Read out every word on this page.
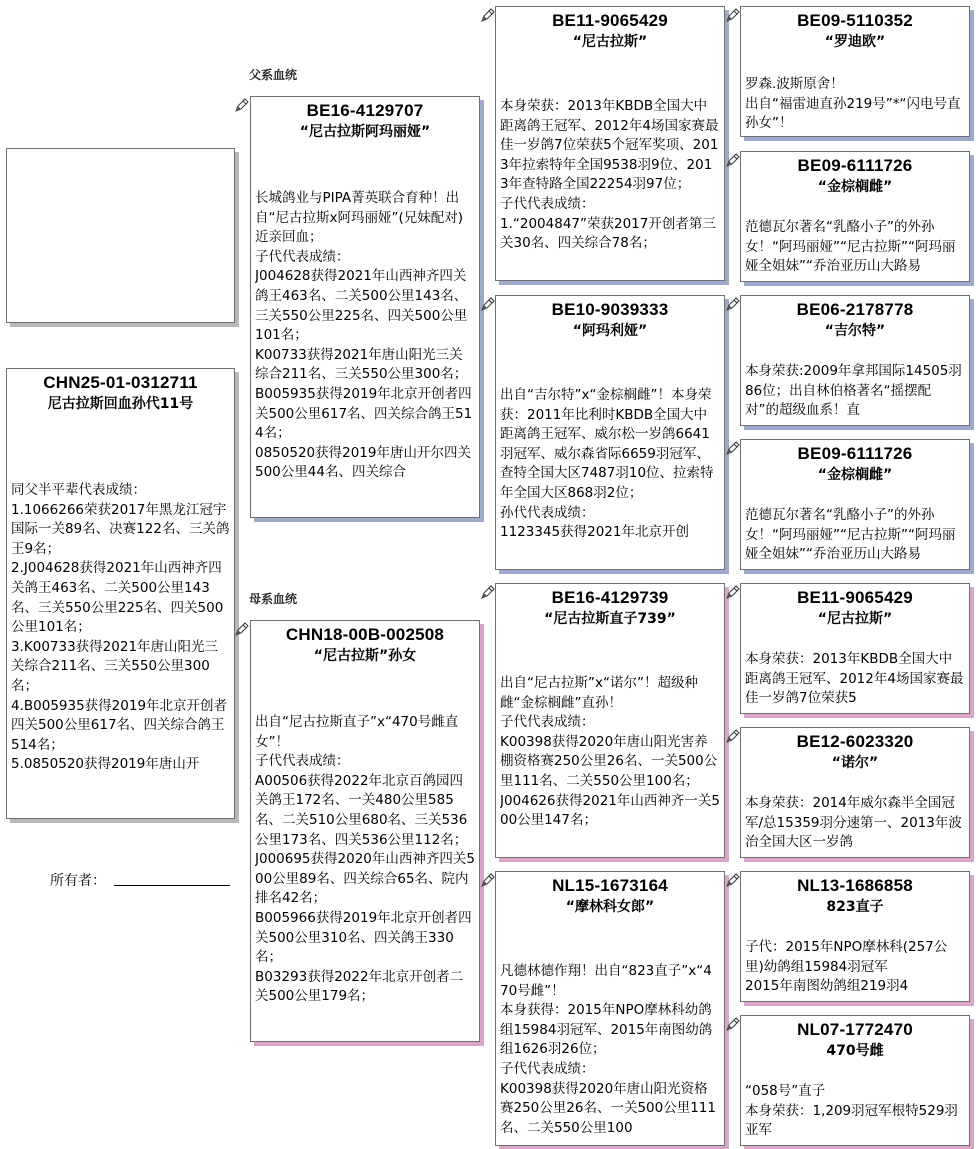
父系血统
母系血统
CHN25-01-0312711
尼古拉斯回血孙代11号
同父半平辈代表成绩：
1.1066266荣获2017年黑龙江冠宇国际一关89名、决赛122名、三关鸽王9名；
2.J004628获得2021年山西神齐四关鸽王463名、二关500公里143名、三关550公里225名、四关500公里101名；
3.K00733获得2021年唐山阳光三关综合211名、三关550公里300名；
4.B005935获得2019年北京开创者四关500公里617名、四关综合鸽王514名；
5.0850520获得2019年唐山开
所有者：
BE16-4129707
“尼古拉斯阿玛丽娅”
长城鸽业与PIPA菁英联合育种！出自“尼古拉斯x阿玛丽娅”(兄妹配对)近亲回血；
子代代表成绩：
J004628获得2021年山西神齐四关鸽王463名、二关500公里143名、三关550公里225名、四关500公里101名；
K00733获得2021年唐山阳光三关综合211名、三关550公里300名；
B005935获得2019年北京开创者四关500公里617名、四关综合鸽王514名；
0850520获得2019年唐山开尔四关500公里44名、四关综合
CHN18-00B-002508
“尼古拉斯”孙女
出自“尼古拉斯直子”x“470号雌直女”！
子代代表成绩：
A00506获得2022年北京百鸽园四关鸽王172名、一关480公里585名、二关510公里680名、三关536公里173名、四关536公里112名；
J000695获得2020年山西神齐四关500公里89名、四关综合65名、院内排名42名；
B005966获得2019年北京开创者四关500公里310名、四关鸽王330名；
B03293获得2022年北京开创者二关500公里179名；
BE11-9065429
“尼古拉斯”
本身荣获：2013年KBDB全国大中距离鸽王冠军、2012年4场国家赛最佳一岁鸽7位荣获5个冠军奖项、2013年拉索特年全国9538羽9位、2013年查特路全国22254羽97位；
子代代表成绩：
1.“2004847”荣获2017开创者第三关30名、四关综合78名；
BE10-9039333
“阿玛利娅”
出自“吉尔特”x“金棕榈雌”！本身荣获：2011年比利时KBDB全国大中距离鸽王冠军、威尔松一岁鸽6641羽冠军、威尔森省际6659羽冠军、查特全国大区7487羽10位、拉索特年全国大区868羽2位；
孙代代表成绩：
1123345获得2021年北京开创
BE16-4129739
“尼古拉斯直子739”
出自“尼古拉斯”x“诺尔”！超级种雌“金棕榈雌”直孙！
子代代表成绩：
K00398获得2020年唐山阳光害养棚资格赛250公里26名、一关500公里111名、二关550公里100名；
J004626获得2021年山西神齐一关500公里147名；
NL15-1673164
“摩林科女郎”
凡德林德作翔！出自“823直子”x“470号雌”！
本身获得：2015年NPO摩林科幼鸽组15984羽冠军、2015年南图幼鸽组1626羽26位；
子代代表成绩：
K00398获得2020年唐山阳光资格赛250公里26名、一关500公里111名、二关550公里100
BE09-5110352
“罗迪欧”
罗森.波斯原舍！
出自“福雷迪直孙219号”*“闪电号直孙女”！
BE09-6111726
“金棕榈雌”
范德瓦尔著名“乳酪小子”的外孙女！“阿玛丽娅”“尼古拉斯”“阿玛丽娅全姐妹”“乔治亚历山大路易
BE06-2178778
“吉尔特”
本身荣获:2009年拿邦国际14505羽86位；出自林伯格著名“摇摆配对”的超级血系！直
BE09-6111726
“金棕榈雌”
范德瓦尔著名“乳酪小子”的外孙女！“阿玛丽娅”“尼古拉斯”“阿玛丽娅全姐妹”“乔治亚历山大路易
BE11-9065429
“尼古拉斯”
本身荣获：2013年KBDB全国大中距离鸽王冠军、2012年4场国家赛最佳一岁鸽7位荣获5
BE12-6023320
“诺尔”
本身荣获：2014年威尔森半全国冠军/总15359羽分速第一、2013年波治全国大区一岁鸽
NL13-1686858
823直子
子代：2015年NPO摩林科(257公里)幼鸽组15984羽冠军
2015年南图幼鸽组219羽4
NL07-1772470
470号雌
“058号”直子
本身荣获：1,209羽冠军根特529羽亚军
